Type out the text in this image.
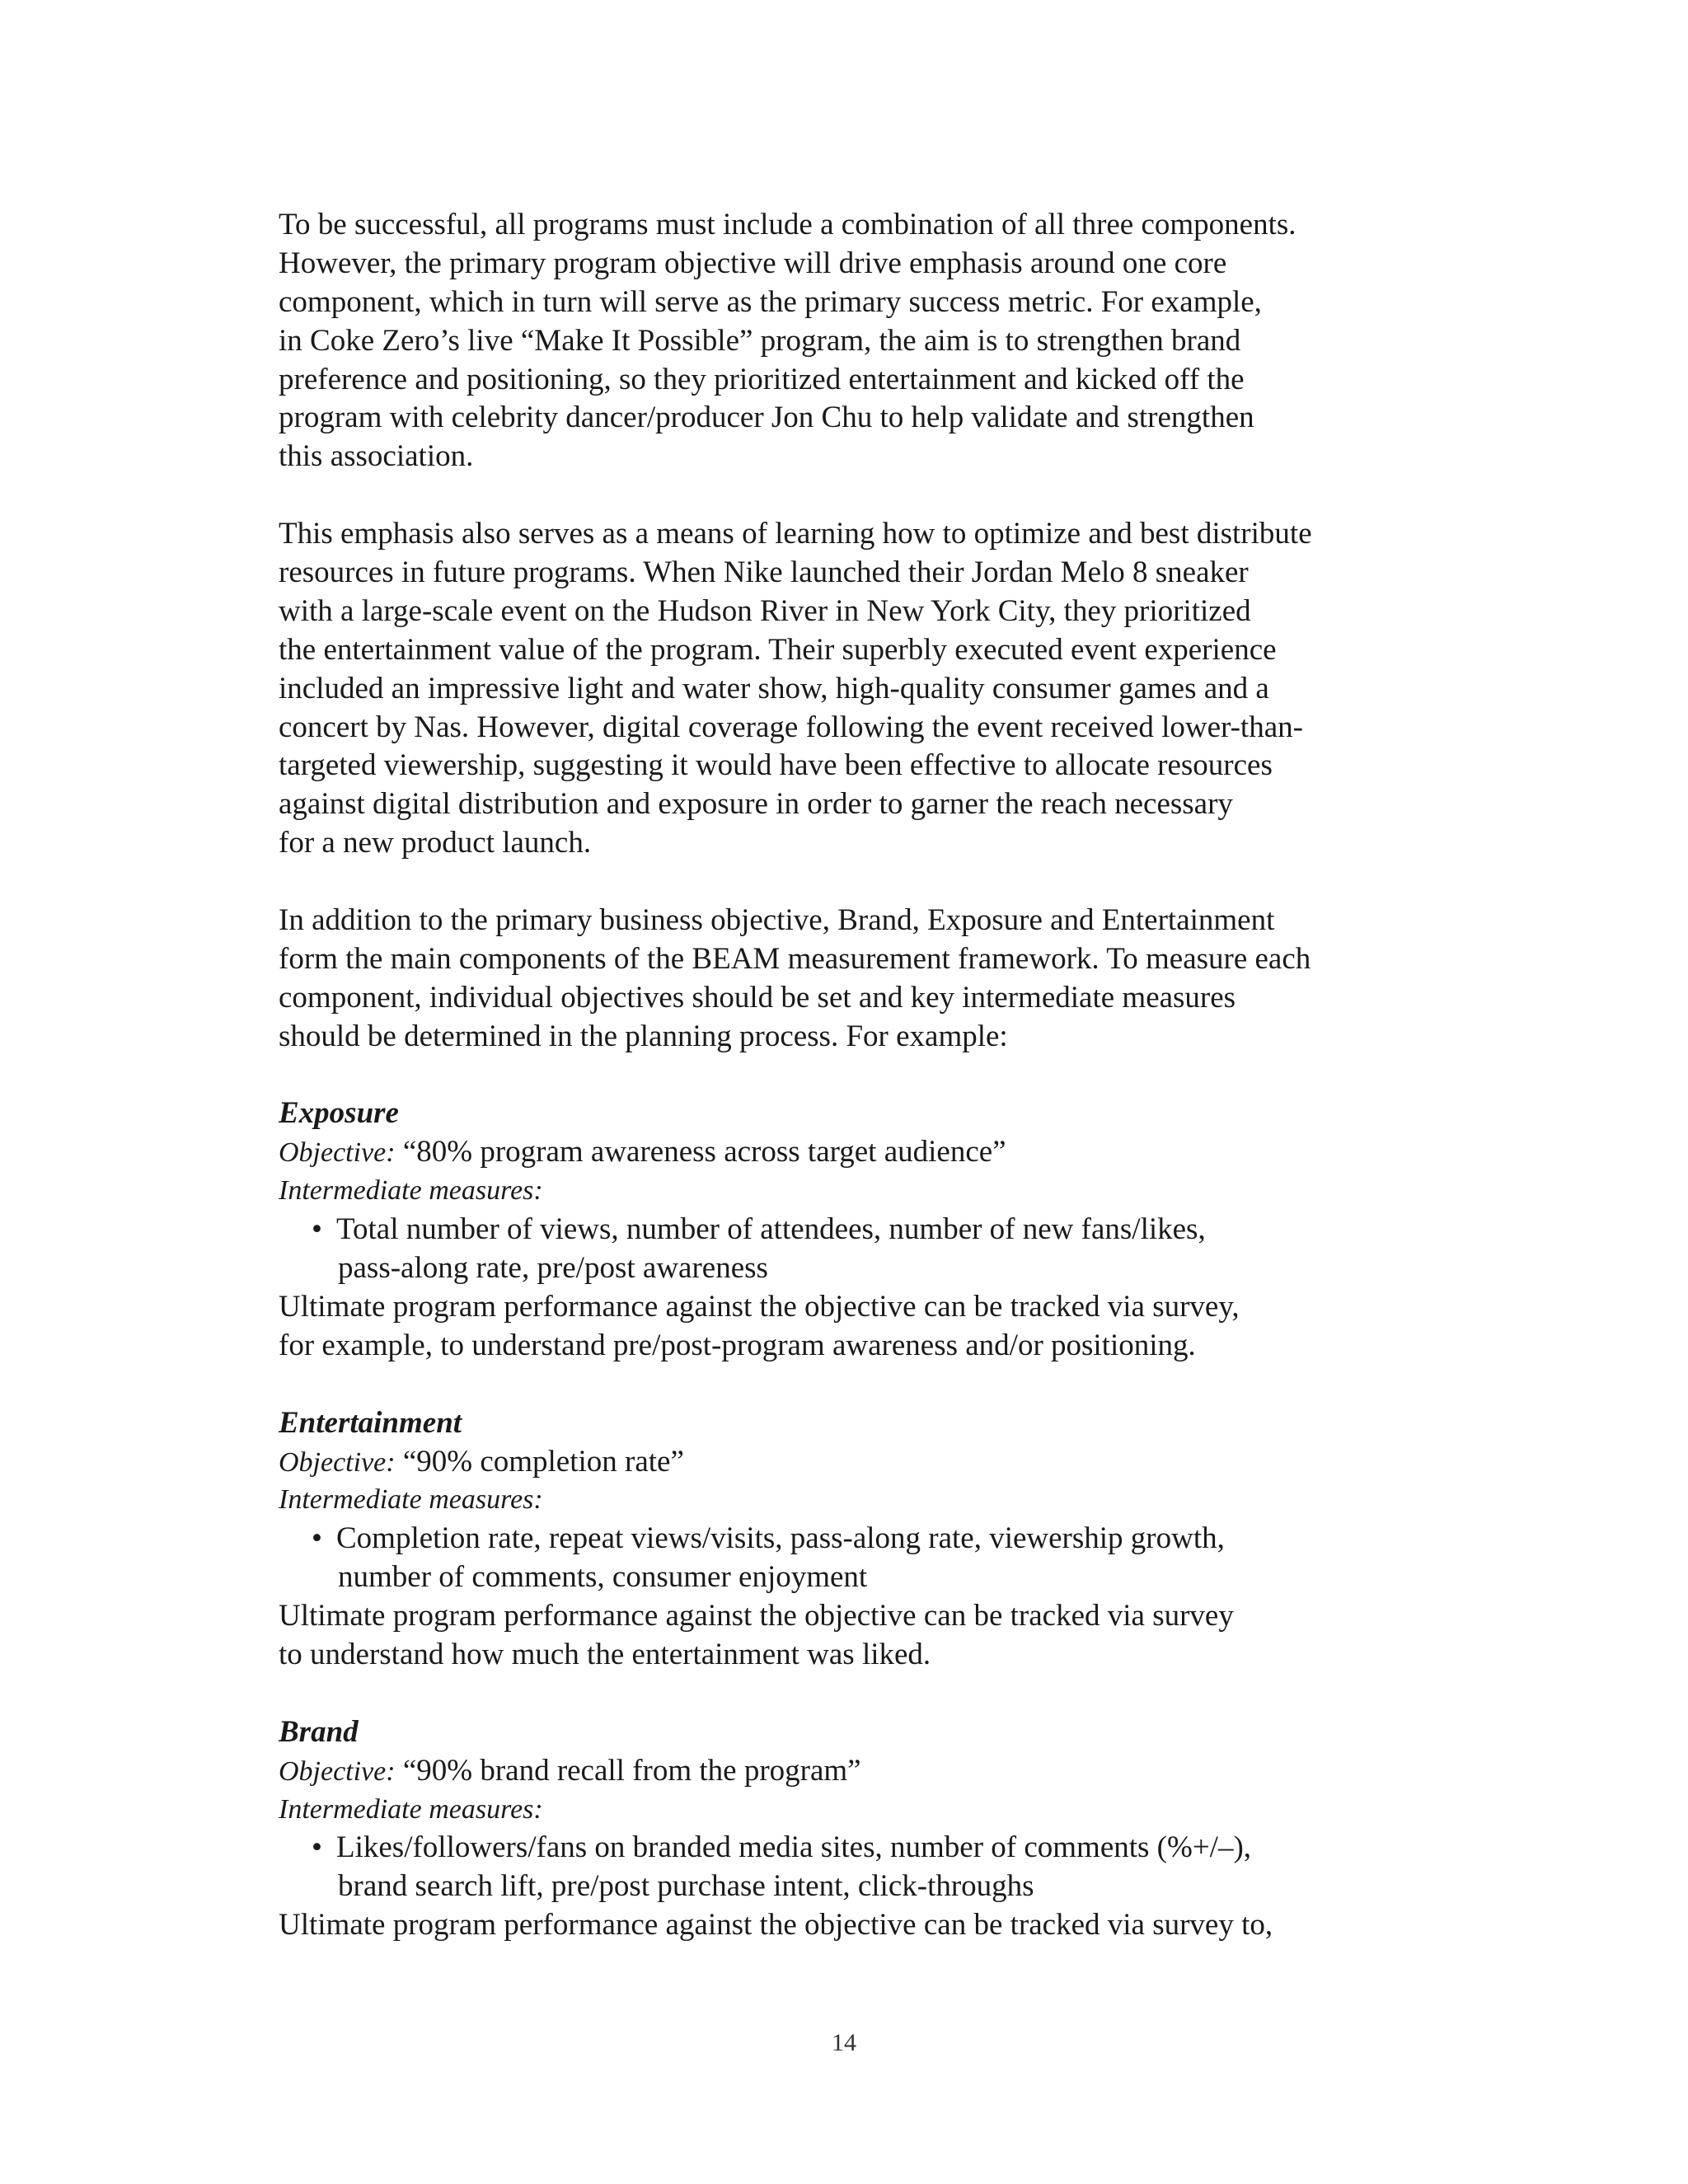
To be successful, all programs must include a combination of all three components.
However, the primary program objective will drive emphasis around one core
component, which in turn will serve as the primary success metric. For example,
in Coke Zero’s live “Make It Possible” program, the aim is to strengthen brand
preference and positioning, so they prioritized entertainment and kicked off the
program with celebrity dancer/producer Jon Chu to help validate and strengthen
this association.
This emphasis also serves as a means of learning how to optimize and best distribute
resources in future programs. When Nike launched their Jordan Melo 8 sneaker
with a large-scale event on the Hudson River in New York City, they prioritized
the entertainment value of the program. Their superbly executed event experience
included an impressive light and water show, high-quality consumer games and a
concert by Nas. However, digital coverage following the event received lower-than-
targeted viewership, suggesting it would have been effective to allocate resources
against digital distribution and exposure in order to garner the reach necessary
for a new product launch.
In addition to the primary business objective, Brand, Exposure and Entertainment
form the main components of the BEAM measurement framework. To measure each
component, individual objectives should be set and key intermediate measures
should be determined in the planning process. For example:
Exposure
Objective: “80% program awareness across target audience”
Intermediate measures:
• Total number of views, number of attendees, number of new fans/likes,
pass-along rate, pre/post awareness
Ultimate program performance against the objective can be tracked via survey,
for example, to understand pre/post-program awareness and/or positioning.
Entertainment
Objective: “90% completion rate”
Intermediate measures:
• Completion rate, repeat views/visits, pass-along rate, viewership growth,
number of comments, consumer enjoyment
Ultimate program performance against the objective can be tracked via survey
to understand how much the entertainment was liked.
Brand
Objective: “90% brand recall from the program”
Intermediate measures:
• Likes/followers/fans on branded media sites, number of comments (%+/–),
brand search lift, pre/post purchase intent, click-throughs
Ultimate program performance against the objective can be tracked via survey to,
14
